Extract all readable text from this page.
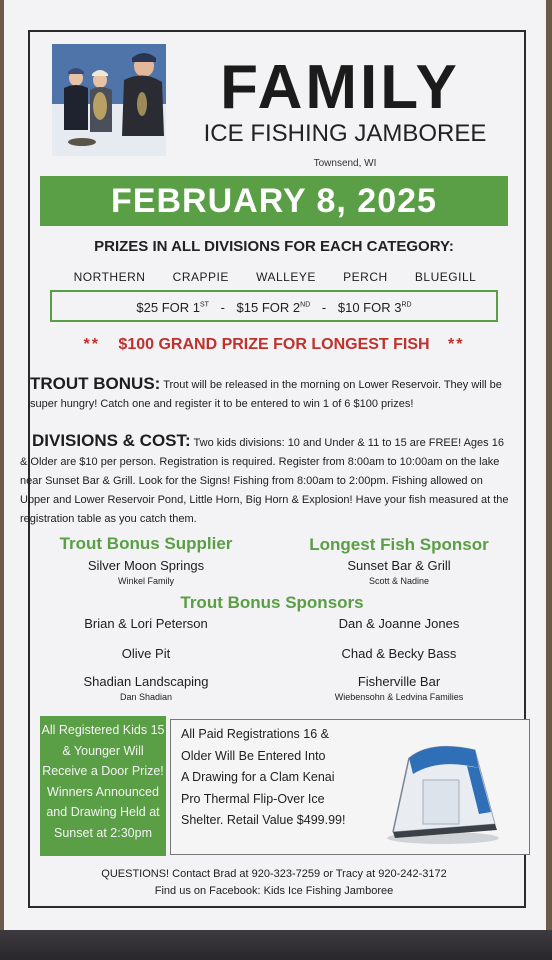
FAMILY
ICE FISHING JAMBOREE
Townsend, WI
FEBRUARY 8, 2025
PRIZES IN ALL DIVISIONS FOR EACH CATEGORY:
NORTHERN CRAPPIE WALLEYE PERCH BLUEGILL
$25 FOR 1ST - $15 FOR 2ND - $10 FOR 3RD
** $100 GRAND PRIZE FOR LONGEST FISH **
TROUT BONUS: Trout will be released in the morning on Lower Reservoir. They will be super hungry! Catch one and register it to be entered to win 1 of 6 $100 prizes!
DIVISIONS & COST: Two kids divisions: 10 and Under & 11 to 15 are FREE! Ages 16 & Older are $10 per person. Registration is required. Register from 8:00am to 10:00am on the lake near Sunset Bar & Grill. Look for the Signs! Fishing from 8:00am to 2:00pm. Fishing allowed on Upper and Lower Reservoir Pond, Little Horn, Big Horn & Explosion! Have your fish measured at the registration table as you catch them.
Trout Bonus Supplier
Silver Moon Springs
Winkel Family
Longest Fish Sponsor
Sunset Bar & Grill
Scott & Nadine
Trout Bonus Sponsors
Brian & Lori Peterson	Dan & Joanne Jones
Olive Pit	Chad & Becky Bass
Shadian Landscaping
Dan Shadian
Fisherville Bar
Wiebensohn & Ledvina Families
All Registered Kids 15
& Younger Will
Receive a Door Prize!
Winners Announced
and Drawing Held at
Sunset at 2:30pm
All Paid Registrations 16 &
Older Will Be Entered Into
A Drawing for a Clam Kenai
Pro Thermal Flip-Over Ice
Shelter. Retail Value $499.99!
QUESTIONS! Contact Brad at 920-323-7259 or Tracy at 920-242-3172
Find us on Facebook: Kids Ice Fishing Jamboree
